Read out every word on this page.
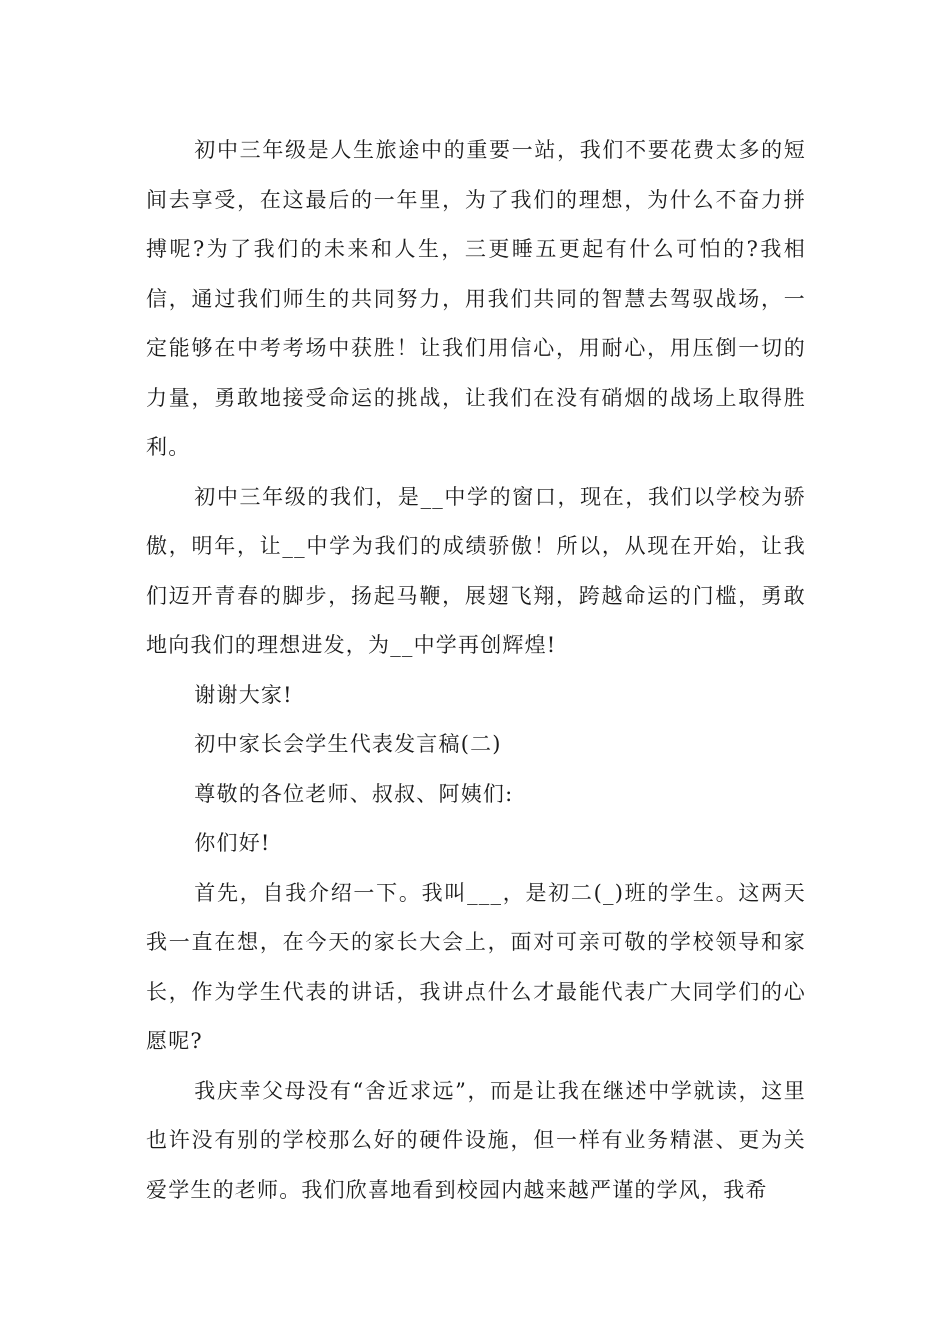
初中三年级是人生旅途中的重要一站，我们不要花费太多的短间去享受，在这最后的一年里，为了我们的理想，为什么不奋力拼搏呢?为了我们的未来和人生，三更睡五更起有什么可怕的?我相信，通过我们师生的共同努力，用我们共同的智慧去驾驭战场，一定能够在中考考场中获胜！让我们用信心，用耐心，用压倒一切的力量，勇敢地接受命运的挑战，让我们在没有硝烟的战场上取得胜利。

初中三年级的我们，是__中学的窗口，现在，我们以学校为骄傲，明年，让__中学为我们的成绩骄傲！所以，从现在开始，让我们迈开青春的脚步，扬起马鞭，展翅飞翔，跨越命运的门槛，勇敢地向我们的理想进发，为__中学再创辉煌!

谢谢大家!

初中家长会学生代表发言稿(二)

尊敬的各位老师、叔叔、阿姨们:

你们好!

首先，自我介绍一下。我叫___，是初二(_)班的学生。这两天我一直在想，在今天的家长大会上，面对可亲可敬的学校领导和家长，作为学生代表的讲话，我讲点什么才最能代表广大同学们的心愿呢?

我庆幸父母没有“舍近求远”，而是让我在继述中学就读，这里也许没有别的学校那么好的硬件设施，但一样有业务精湛、更为关爱学生的老师。我们欣喜地看到校园内越来越严谨的学风，我希
